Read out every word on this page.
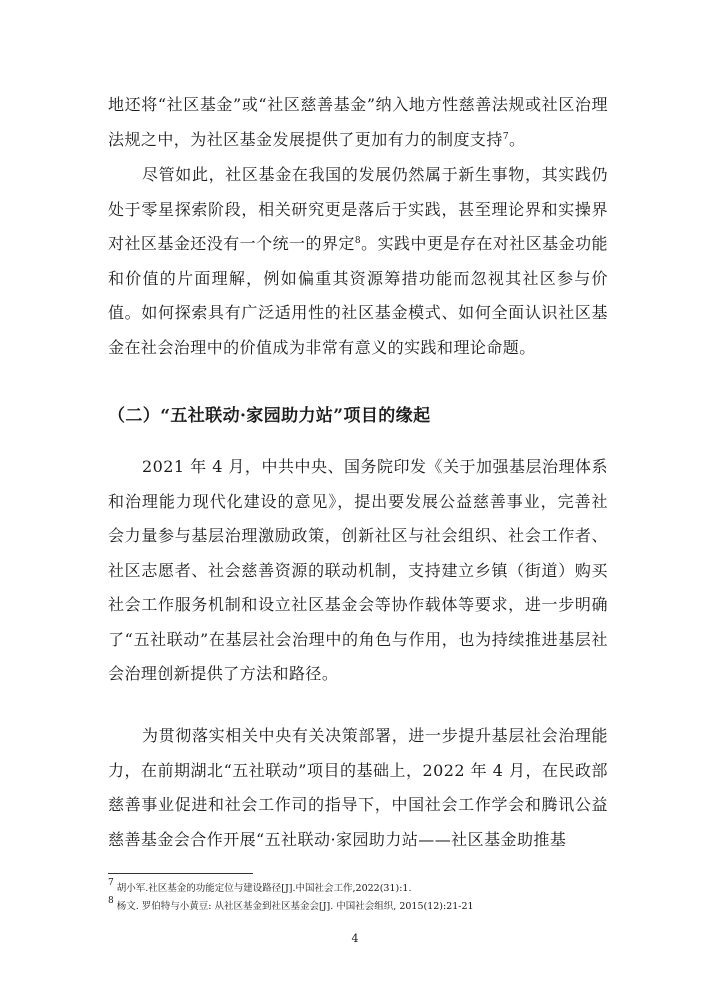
地还将“社区基金”或“社区慈善基金”纳入地方性慈善法规或社区治理法规之中，为社区基金发展提供了更加有力的制度支持$^7$。

尽管如此，社区基金在我国的发展仍然属于新生事物，其实践仍处于零星探索阶段，相关研究更是落后于实践，甚至理论界和实操界对社区基金还没有一个统一的界定$^8$。实践中更是存在对社区基金功能和价值的片面理解，例如偏重其资源筹措功能而忽视其社区参与价值。如何探索具有广泛适用性的社区基金模式、如何全面认识社区基金在社会治理中的价值成为非常有意义的实践和理论命题。

（二）“五社联动·家园助力站”项目的缘起

2021 年 4 月，中共中央、国务院印发《关于加强基层治理体系和治理能力现代化建设的意见》，提出要发展公益慈善事业，完善社会力量参与基层治理激励政策，创新社区与社会组织、社会工作者、社区志愿者、社会慈善资源的联动机制，支持建立乡镇（街道）购买社会工作服务机制和设立社区基金会等协作载体等要求，进一步明确了“五社联动”在基层社会治理中的角色与作用，也为持续推进基层社会治理创新提供了方法和路径。

为贯彻落实相关中央有关决策部署，进一步提升基层社会治理能力，在前期湖北“五社联动”项目的基础上，2022 年 4 月，在民政部慈善事业促进和社会工作司的指导下，中国社会工作学会和腾讯公益慈善基金会合作开展“五社联动·家园助力站——社区基金助推基

$^7$ 胡小军.社区基金的功能定位与建设路径[J].中国社会工作,2022(31):1.
$^8$ 杨文. 罗伯特与小黄豆: 从社区基金到社区基金会[J]. 中国社会组织, 2015(12):21-21
4
